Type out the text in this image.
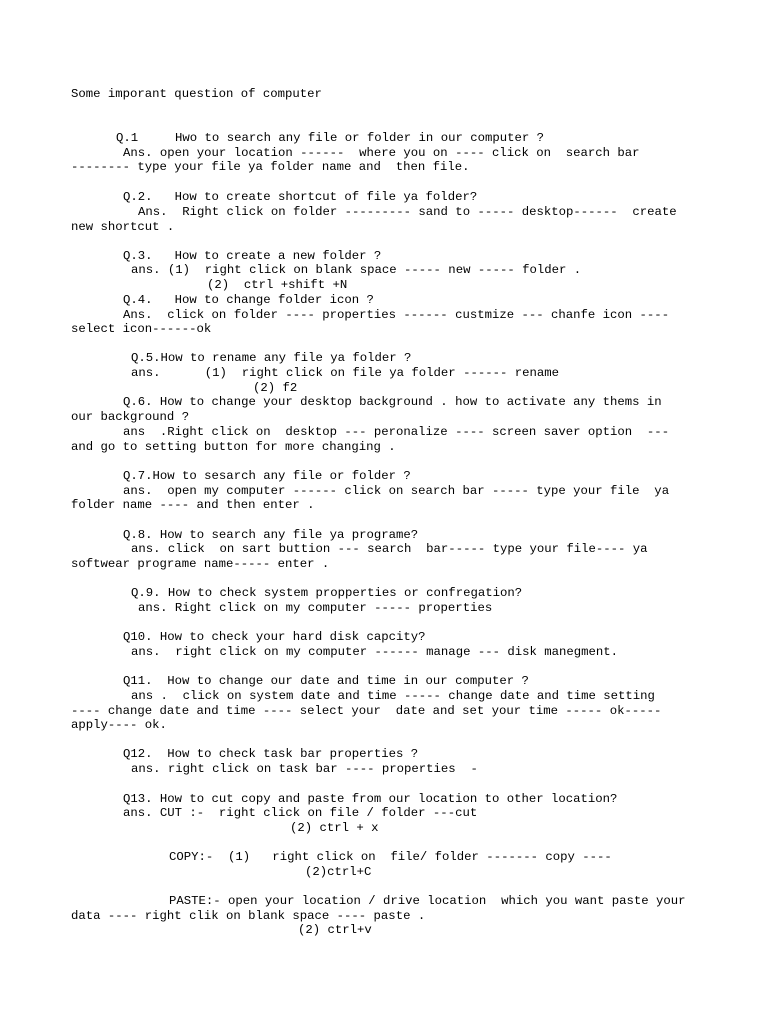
Some imporant question of computer
Q.1     Hwo to search any file or folder in our computer ?
Ans. open your location ------  where you on ---- click on  search bar
-------- type your file ya folder name and  then file.
Q.2.   How to create shortcut of file ya folder?
Ans.  Right click on folder --------- sand to ----- desktop------  create
new shortcut .
Q.3.   How to create a new folder ?
ans. (1)  right click on blank space ----- new ----- folder .
(2)  ctrl +shift +N
Q.4.   How to change folder icon ?
Ans.  click on folder ---- properties ------ custmize --- chanfe icon ----
select icon------ok
Q.5.How to rename any file ya folder ?
ans.      (1)  right click on file ya folder ------ rename
(2) f2
Q.6. How to change your desktop background . how to activate any thems in
our background ?
ans  .Right click on  desktop --- peronalize ---- screen saver option  ---
and go to setting button for more changing .
Q.7.How to sesarch any file or folder ?
ans.  open my computer ------ click on search bar ----- type your file  ya
folder name ---- and then enter .
Q.8. How to search any file ya programe?
ans. click  on sart buttion --- search  bar----- type your file---- ya
softwear programe name----- enter .
Q.9. How to check system propperties or confregation?
ans. Right click on my computer ----- properties
Q10. How to check your hard disk capcity?
ans.  right click on my computer ------ manage --- disk manegment.
Q11.  How to change our date and time in our computer ?
ans .  click on system date and time ----- change date and time setting
---- change date and time ---- select your  date and set your time ----- ok-----
apply---- ok.
Q12.  How to check task bar properties ?
ans. right click on task bar ---- properties  -
Q13. How to cut copy and paste from our location to other location?
ans. CUT :-  right click on file / folder ---cut
(2) ctrl + x
COPY:-  (1)   right click on  file/ folder ------- copy ----
(2)ctrl+C
PASTE:- open your location / drive location  which you want paste your
data ---- right clik on blank space ---- paste .
(2) ctrl+v
